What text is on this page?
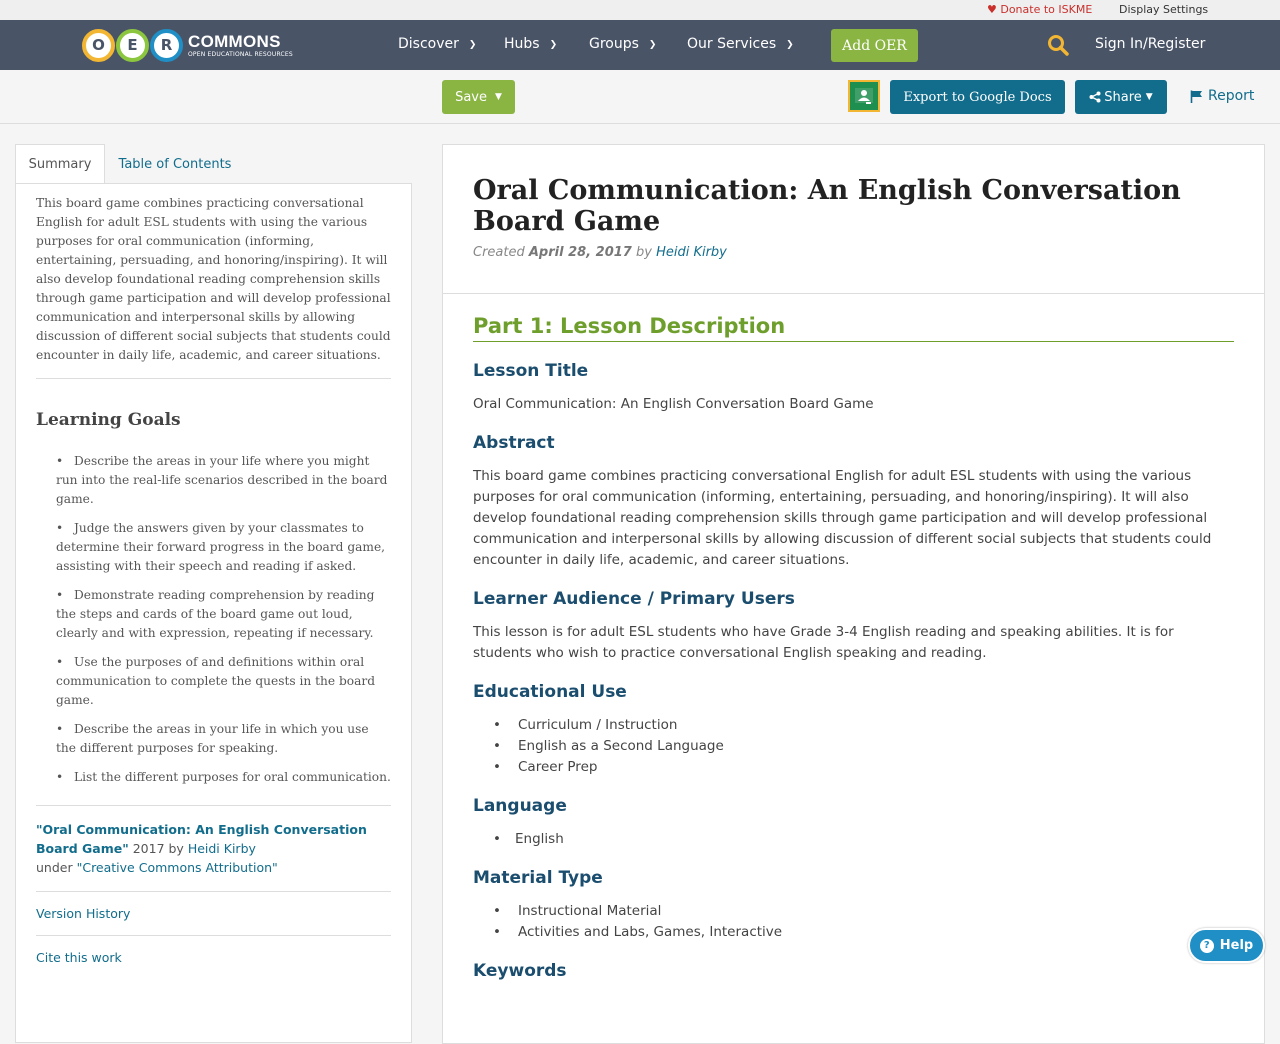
♥ Donate to ISKME Display Settings
O	E	R COMMONS
OPEN EDUCATIONAL RESOURCES
Discover ❯ Hubs ❯ Groups ❯ Our Services ❯	Add OER	Sign In/Register
Save ▼	Export to Google Docs	Share ▼	Report
Summary	Table of Contents

This board game combines practicing conversational English for adult ESL students with using the various purposes for oral communication (informing, entertaining, persuading, and honoring/inspiring). It will also develop foundational reading comprehension skills through game participation and will develop professional communication and interpersonal skills by allowing discussion of different social subjects that students could encounter in daily life, academic, and career situations.

Learning Goals
• Describe the areas in your life where you might run into the real-life scenarios described in the board game.
• Judge the answers given by your classmates to determine their forward progress in the board game, assisting with their speech and reading if asked.
• Demonstrate reading comprehension by reading the steps and cards of the board game out loud, clearly and with expression, repeating if necessary.
• Use the purposes of and definitions within oral communication to complete the quests in the board game.
• Describe the areas in your life in which you use the different purposes for speaking.
• List the different purposes for oral communication.

"Oral Communication: An English Conversation Board Game" 2017 by Heidi Kirby
under "Creative Commons Attribution"

Version History
Cite this work
Oral Communication: An English Conversation Board Game

Created April 28, 2017 by Heidi Kirby

Part 1: Lesson Description
Lesson Title

Oral Communication: An English Conversation Board Game

Abstract

This board game combines practicing conversational English for adult ESL students with using the various purposes for oral communication (informing, entertaining, persuading, and honoring/inspiring). It will also develop foundational reading comprehension skills through game participation and will develop professional communication and interpersonal skills by allowing discussion of different social subjects that students could encounter in daily life, academic, and career situations.

Learner Audience / Primary Users

This lesson is for adult ESL students who have Grade 3-4 English reading and speaking abilities. It is for students who wish to practice conversational English speaking and reading.

Educational Use
• Curriculum / Instruction
• English as a Second Language
• Career Prep
Language
• English
Material Type
• Instructional Material
• Activities and Labs, Games, Interactive
Keywords
? Help
